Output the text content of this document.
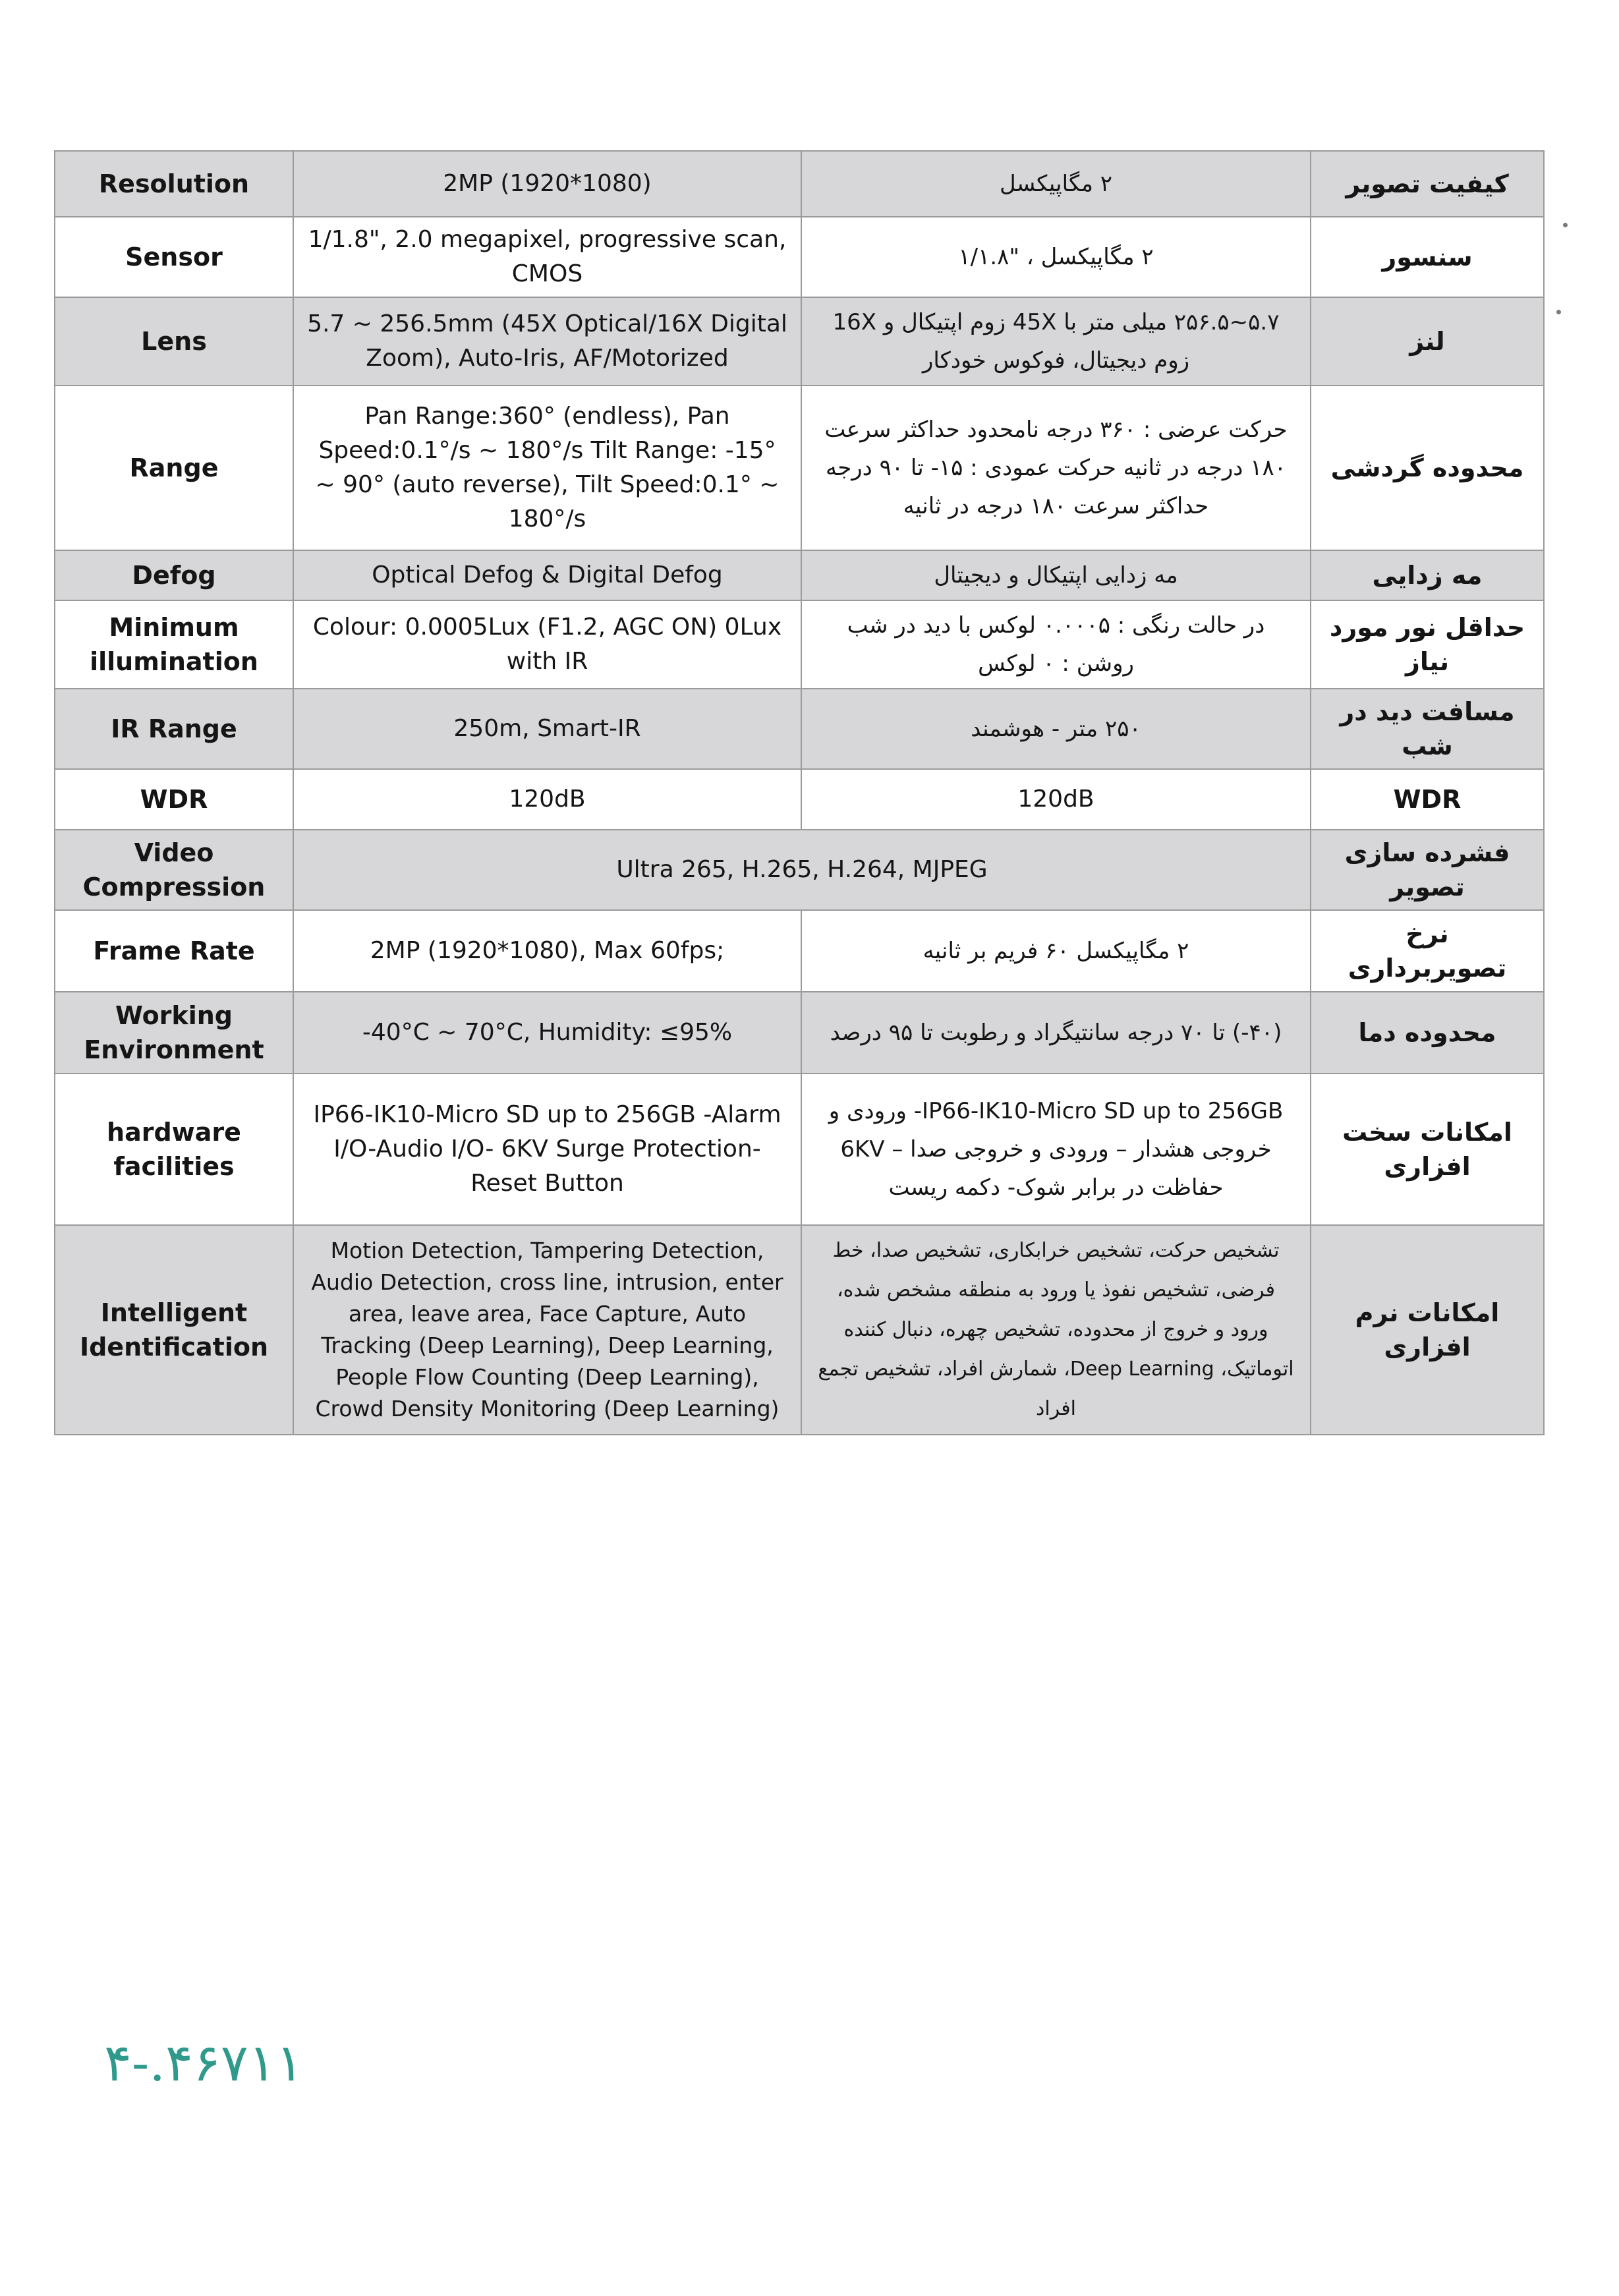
Resolution	2MP (1920*1080)	۲ مگاپیکسل	کیفیت تصویر
Sensor	1/1.8", 2.0 megapixel, progressive scan, CMOS	۲ مگاپیکسل ، "۱/۱.۸	سنسور
Lens	5.7 ~ 256.5mm (45X Optical/16X Digital Zoom), Auto-Iris, AF/Motorized	۵.۷~۲۵۶.۵ میلی متر با 45X زوم اپتیکال و 16X زوم دیجیتال، فوکوس خودکار	لنز
Range	Pan Range:360° (endless), Pan Speed:0.1°/s ~ 180°/s Tilt Range: -15° ~ 90° (auto reverse), Tilt Speed:0.1° ~ 180°/s	حرکت عرضی : ۳۶۰ درجه نامحدود حداکثر سرعت ۱۸۰ درجه در ثانیه حرکت عمودی : ۱۵- تا ۹۰ درجه حداکثر سرعت ۱۸۰ درجه در ثانیه	محدوده گردشی
Defog	Optical Defog & Digital Defog	مه زدایی اپتیکال و دیجیتال	مه زدایی
Minimum illumination	Colour: 0.0005Lux (F1.2, AGC ON) 0Lux with IR	در حالت رنگی : ۰.۰۰۰۵ لوکس با دید در شب روشن : ۰ لوکس	حداقل نور مورد نیاز
IR Range	250m, Smart-IR	۲۵۰ متر - هوشمند	مسافت دید در شب
WDR	120dB	120dB	WDR
Video Compression	Ultra 265, H.265, H.264, MJPEG		فشرده سازی تصویر
Frame Rate	2MP (1920*1080), Max 60fps;	۲ مگاپیکسل ۶۰ فریم بر ثانیه	نرخ تصویربرداری
Working Environment	-40°C ~ 70°C, Humidity: ≤95%	(۴۰-) تا ۷۰ درجه سانتیگراد و رطوبت تا ۹۵ درصد	محدوده دما
hardware facilities	IP66-IK10-Micro SD up to 256GB -Alarm I/O-Audio I/O- 6KV Surge Protection-Reset Button	IP66-IK10-Micro SD up to 256GB- ورودی و خروجی هشدار – ورودی و خروجی صدا – 6KV حفاظت در برابر شوک- دکمه ریست	امکانات سخت افزاری
Intelligent Identification	Motion Detection, Tampering Detection, Audio Detection, cross line, intrusion, enter area, leave area, Face Capture, Auto Tracking (Deep Learning), Deep Learning, People Flow Counting (Deep Learning), Crowd Density Monitoring (Deep Learning)	تشخیص حرکت، تشخیص خرابکاری، تشخیص صدا، خط فرضی، تشخیص نفوذ یا ورود به منطقه مشخص شده، ورود و خروج از محدوده، تشخیص چهره، دنبال کننده اتوماتیک، Deep Learning، شمارش افراد، تشخیص تجمع افراد	امکانات نرم افزاری
۱۱۷۶۴.-۴
